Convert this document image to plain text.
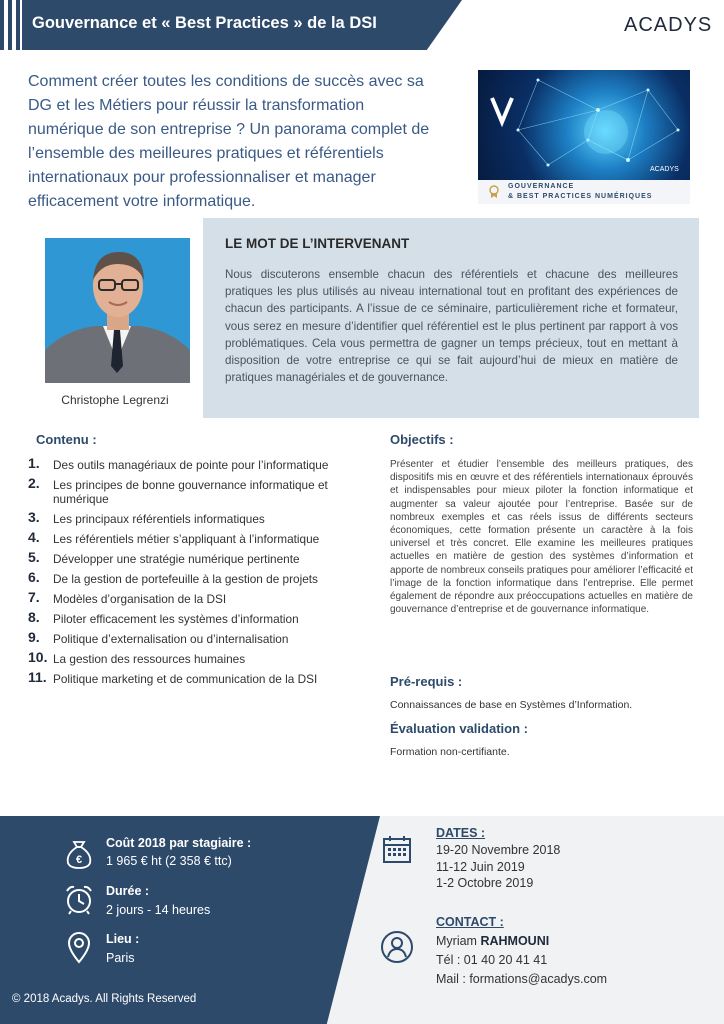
Gouvernance et « Best Practices » de la DSI	ACADYS
Comment créer toutes les conditions de succès avec sa DG et les Métiers pour réussir la transformation numérique de son entreprise ? Un panorama complet de l’ensemble des meilleures pratiques et référentiels internationaux pour professionnaliser et manager efficacement votre informatique.
ACADYS
GOUVERNANCE
& BEST PRACTICES NUMÉRIQUES
Christophe Legrenzi
LE MOT DE L’INTERVENANT
Nous discuterons ensemble chacun des référentiels et chacune des meilleures pratiques les plus utilisés au niveau international tout en profitant des expériences de chacun des participants. A l’issue de ce séminaire, particulièrement riche et formateur, vous serez en mesure d’identifier quel référentiel est le plus pertinent par rapport à vos problématiques. Cela vous permettra de gagner un temps précieux, tout en mettant à disposition de votre entreprise ce qui se fait aujourd’hui de mieux en matière de pratiques managériales et de gouvernance.
Contenu :
1. Des outils managériaux de pointe pour l’informatique
2. Les principes de bonne gouvernance informatique et numérique
3. Les principaux référentiels informatiques
4. Les référentiels métier s’appliquant à l’informatique
5. Développer une stratégie numérique pertinente
6. De la gestion de portefeuille à la gestion de projets
7. Modèles d’organisation de la DSI
8. Piloter efficacement les systèmes d’information
9. Politique d’externalisation ou d’internalisation
10. La gestion des ressources humaines
11. Politique marketing et de communication de la DSI
Objectifs :
Présenter et étudier l’ensemble des meilleurs pratiques, des dispositifs mis en œuvre et des référentiels internationaux éprouvés et indispensables pour mieux piloter la fonction informatique et augmenter sa valeur ajoutée pour l’entreprise. Basée sur de nombreux exemples et cas réels issus de différents secteurs économiques, cette formation présente un caractère à la fois universel et très concret. Elle examine les meilleures pratiques actuelles en matière de gestion des systèmes d’information et apporte de nombreux conseils pratiques pour améliorer l’efficacité et l’image de la fonction informatique dans l’entreprise. Elle permet également de répondre aux préoccupations actuelles en matière de gouvernance d’entreprise et de gouvernance informatique.
Pré-requis :
Connaissances de base en Systèmes d’Information.
Évaluation validation :
Formation non-certifiante.
€
Coût 2018 par stagiaire :
1 965 € ht (2 358 € ttc)
Durée :
2 jours - 14 heures
Lieu :
Paris
© 2018 Acadys. All Rights Reserved
DATES :
19-20 Novembre 2018
11-12 Juin 2019
1-2 Octobre 2019
CONTACT :
Myriam RAHMOUNI
Tél : 01 40 20 41 41
Mail : formations@acadys.com
